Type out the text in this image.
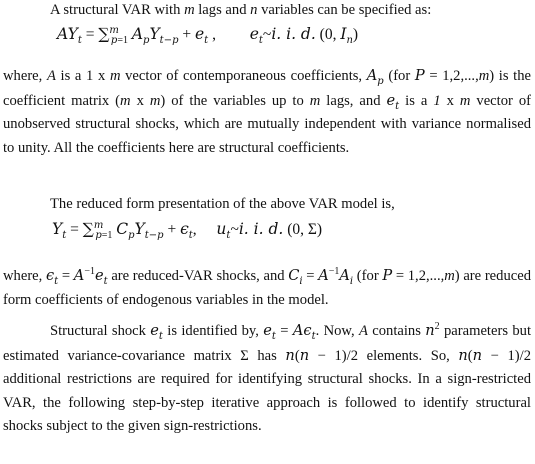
A structural VAR with m lags and n variables can be specified as:
$AY_t = \sum^m_{p=1}$ $A_pY_{t-p} + e_t$ ,  $e_t\sim i$. i. d. (0, $I_n$)
where, A is a 1 x m vector of contemporaneous coefficients, $A_p$ (for P = 1,2,...,m) is the coefficient matrix (m x m) of the variables up to m lags, and $e_t$ is a 1 x m vector of unobserved structural shocks, which are mutually independent with variance normalised to unity. All the coefficients here are structural coefficients.
The reduced form presentation of the above VAR model is,
$Y_t = \sum^m_{p=1}$ $C_pY_{t-p} + \epsilon_t$,  $u_t\sim i$. i. d. (0, Σ)
where, $\epsilon_t = A^{-1}e_t$ are reduced-VAR shocks, and $C_i = A^{-1}A_i$ (for P = 1,2,...,m) are reduced form coefficients of endogenous variables in the model.
Structural shock $e_t$ is identified by, $e_t = A\epsilon_t$. Now, A contains $n^2$ parameters but estimated variance-covariance matrix Σ has n(n − 1)/2 elements. So, n(n − 1)/2 additional restrictions are required for identifying structural shocks. In a sign-restricted VAR, the following step-by-step iterative approach is followed to identify structural shocks subject to the given sign-restrictions.
